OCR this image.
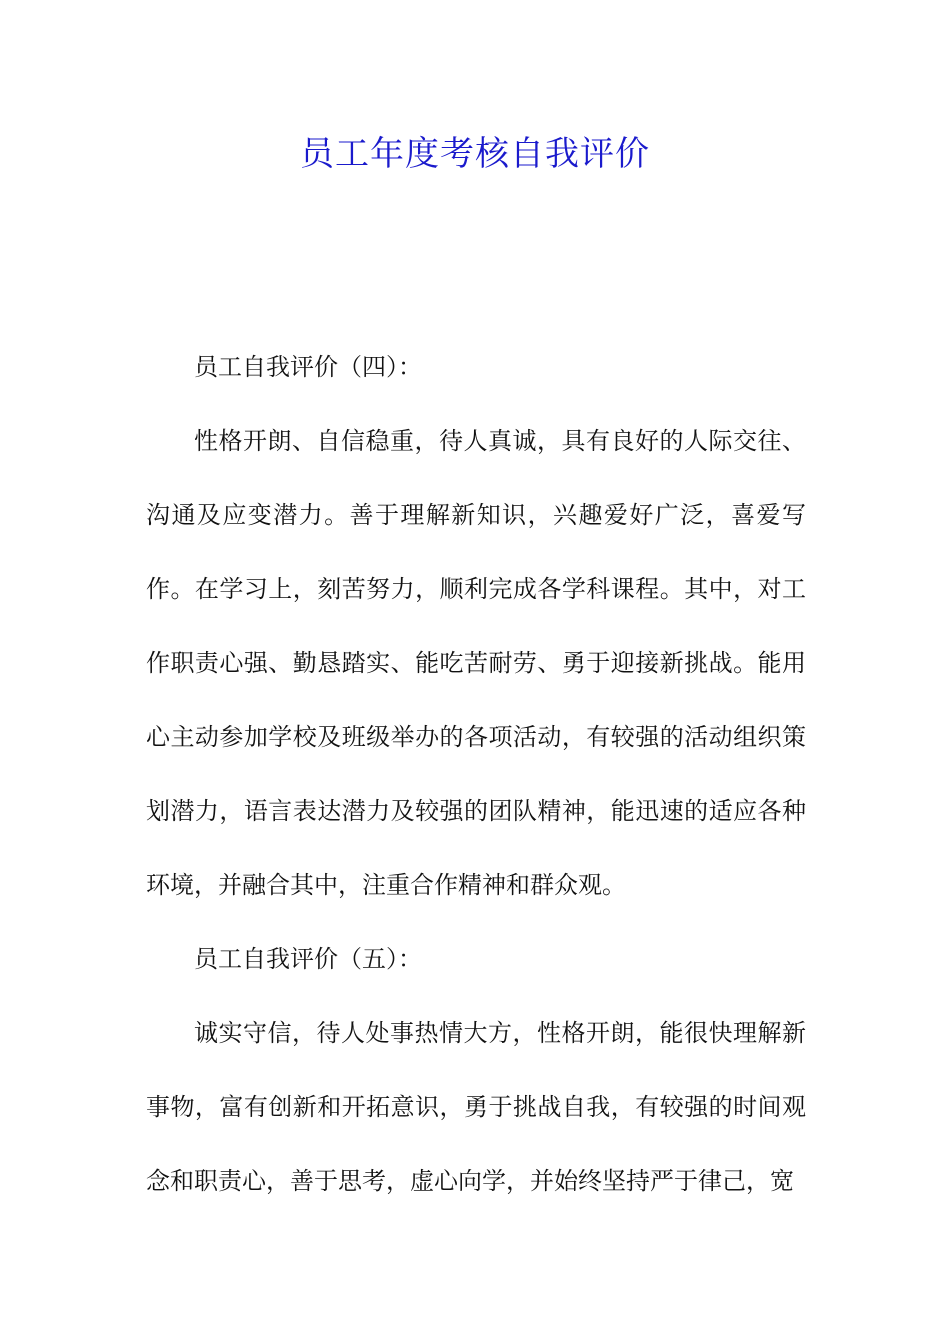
员工年度考核自我评价

员工自我评价（四）：

性格开朗、自信稳重，待人真诚，具有良好的人际交往、沟通及应变潜力。善于理解新知识，兴趣爱好广泛，喜爱写作。在学习上，刻苦努力，顺利完成各学科课程。其中，对工作职责心强、勤恳踏实、能吃苦耐劳、勇于迎接新挑战。能用心主动参加学校及班级举办的各项活动，有较强的活动组织策划潜力，语言表达潜力及较强的团队精神，能迅速的适应各种环境，并融合其中，注重合作精神和群众观。

员工自我评价（五）：

诚实守信，待人处事热情大方，性格开朗，能很快理解新事物，富有创新和开拓意识，勇于挑战自我，有较强的时间观念和职责心，善于思考，虚心向学，并始终坚持严于律己，宽
